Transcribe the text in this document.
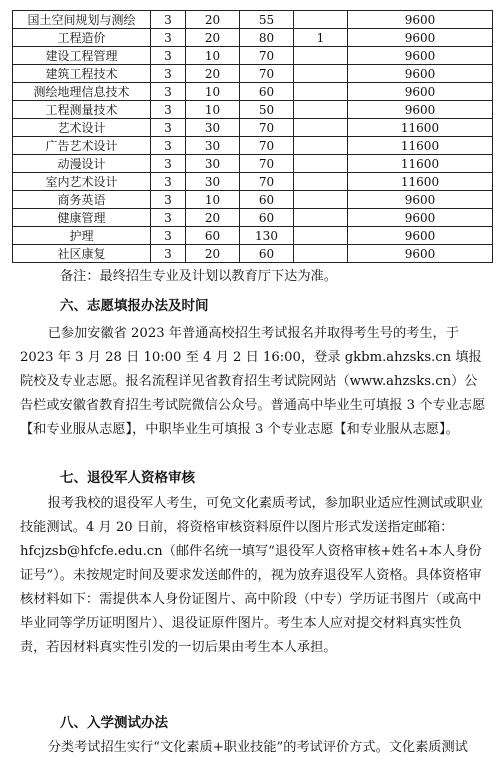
国土空间规划与测绘	3	20	55		9600
工程造价	3	20	80	1	9600
建设工程管理	3	10	70		9600
建筑工程技术	3	20	70		9600
测绘地理信息技术	3	10	60		9600
工程测量技术	3	10	50		9600
艺术设计	3	30	70		11600
广告艺术设计	3	30	70		11600
动漫设计	3	30	70		11600
室内艺术设计	3	30	70		11600
商务英语	3	10	60		9600
健康管理	3	20	60		9600
护理	3	60	130		9600
社区康复	3	20	60		9600
备注：最终招生专业及计划以教育厅下达为准。
六、志愿填报办法及时间

已参加安徽省 2023 年普通高校招生考试报名并取得考生号的考生，于 2023 年 3 月 28 日 10:00 至 4 月 2 日 16:00，登录 gkbm.ahzsks.cn 填报院校及专业志愿。报名流程详见省教育招生考试院网站（www.ahzsks.cn）公告栏或安徽省教育招生考试院微信公众号。普通高中毕业生可填报 3 个专业志愿【和专业服从志愿】，中职毕业生可填报 3 个专业志愿【和专业服从志愿】。

七、退役军人资格审核

报考我校的退役军人考生，可免文化素质考试，参加职业适应性测试或职业技能测试。4 月 20 日前，将资格审核资料原件以图片形式发送指定邮箱：hfcjzsb@hfcfe.edu.cn（邮件名统一填写“退役军人资格审核+姓名+本人身份证号”）。未按规定时间及要求发送邮件的，视为放弃退役军人资格。具体资格审核材料如下：需提供本人身份证图片、高中阶段（中专）学历证书图片（或高中毕业同等学历证明图片）、退役证原件图片。考生本人应对提交材料真实性负责，若因材料真实性引发的一切后果由考生本人承担。

八、入学测试办法

分类考试招生实行“文化素质+职业技能”的考试评价方式。文化素质测试
